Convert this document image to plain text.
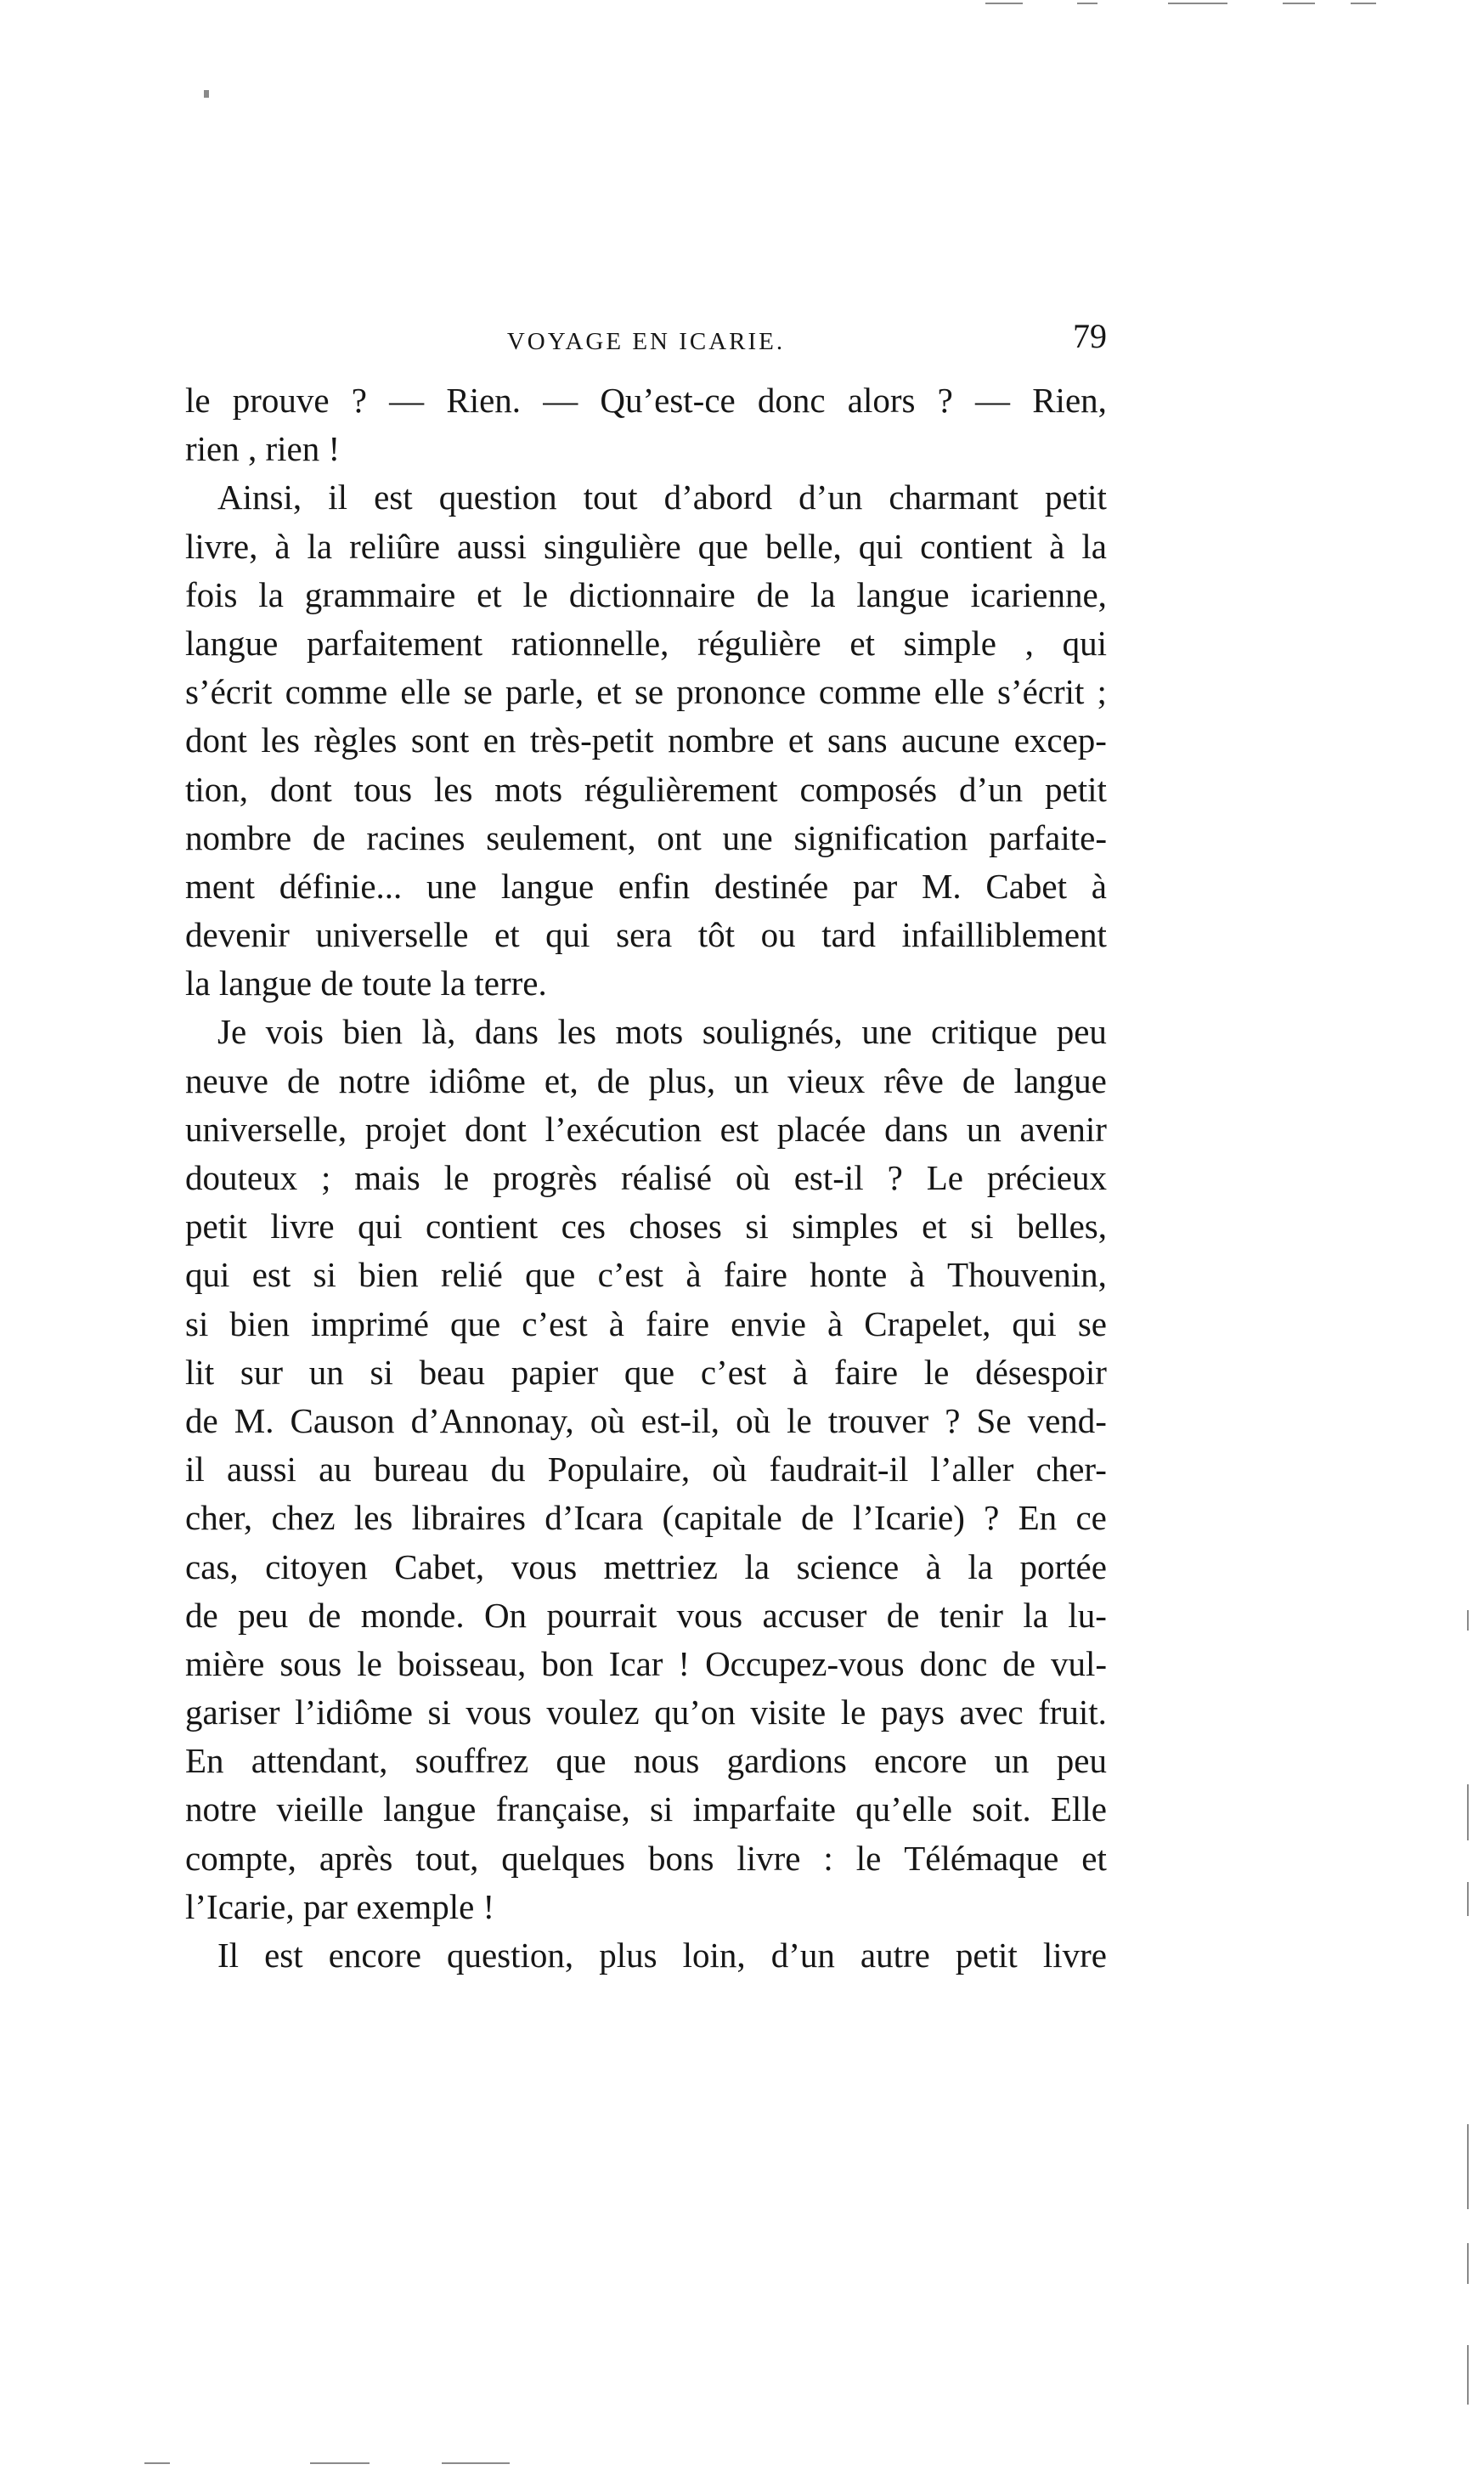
VOYAGE EN ICARIE.	79
le prouve ? — Rien. — Qu’est-ce donc alors ? — Rien,
rien , rien !
Ainsi, il est question tout d’abord d’un charmant petit
livre, à la reliûre aussi singulière que belle, qui contient à la
fois la grammaire et le dictionnaire de la langue icarienne,
langue parfaitement rationnelle, régulière et simple , qui
s’écrit comme elle se parle, et se prononce comme elle s’écrit ;
dont les règles sont en très-petit nombre et sans aucune excep-
tion, dont tous les mots régulièrement composés d’un petit
nombre de racines seulement, ont une signification parfaite-
ment définie... une langue enfin destinée par M. Cabet à
devenir universelle et qui sera tôt ou tard infailliblement
la langue de toute la terre.
Je vois bien là, dans les mots soulignés, une critique peu
neuve de notre idiôme et, de plus, un vieux rêve de langue
universelle, projet dont l’exécution est placée dans un avenir
douteux ; mais le progrès réalisé où est-il ? Le précieux
petit livre qui contient ces choses si simples et si belles,
qui est si bien relié que c’est à faire honte à Thouvenin,
si bien imprimé que c’est à faire envie à Crapelet, qui se
lit sur un si beau papier que c’est à faire le désespoir
de M. Causon d’Annonay, où est-il, où le trouver ? Se vend-
il aussi au bureau du Populaire, où faudrait-il l’aller cher-
cher, chez les libraires d’Icara (capitale de l’Icarie) ? En ce
cas, citoyen Cabet, vous mettriez la science à la portée
de peu de monde. On pourrait vous accuser de tenir la lu-
mière sous le boisseau, bon Icar ! Occupez-vous donc de vul-
gariser l’idiôme si vous voulez qu’on visite le pays avec fruit.
En attendant, souffrez que nous gardions encore un peu
notre vieille langue française, si imparfaite qu’elle soit. Elle
compte, après tout, quelques bons livre : le Télémaque et
l’Icarie, par exemple !
Il est encore question, plus loin, d’un autre petit livre
